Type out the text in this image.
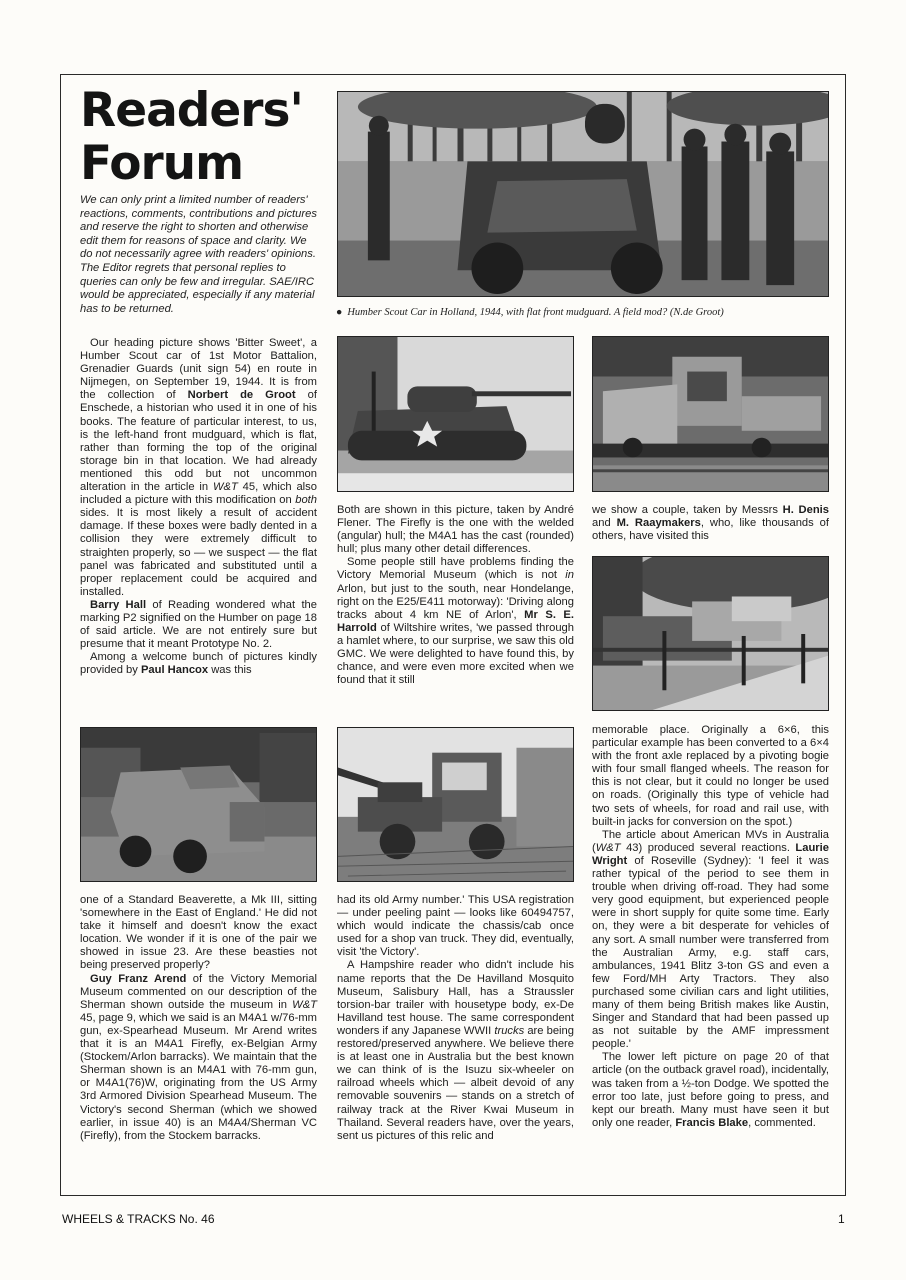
Readers' Forum

We can only print a limited number of readers' reactions, comments, contributions and pictures and reserve the right to shorten and otherwise edit them for reasons of space and clarity. We do not necessarily agree with readers' opinions. The Editor regrets that personal replies to queries can only be few and irregular. SAE/IRC would be appreciated, especially if any material has to be returned.	● Humber Scout Car in Holland, 1944, with flat front mudguard. A field mod? (N.de Groot)

Our heading picture shows 'Bitter Sweet', a Humber Scout car of 1st Motor Battalion, Grenadier Guards (unit sign 54) en route in Nijmegen, on September 19, 1944. It is from the collection of Norbert de Groot of Enschede, a historian who used it in one of his books. The feature of particular interest, to us, is the left-hand front mudguard, which is flat, rather than forming the top of the original storage bin in that location. We had already mentioned this odd but not uncommon alteration in the article in W&T 45, which also included a picture with this modification on both sides. It is most likely a result of accident damage. If these boxes were badly dented in a collision they were extremely difficult to straighten properly, so — we suspect — the flat panel was fabricated and substituted until a proper replacement could be acquired and installed.

Barry Hall of Reading wondered what the marking P2 signified on the Humber on page 18 of said article. We are not entirely sure but presume that it meant Prototype No. 2.

Among a welcome bunch of pictures kindly provided by Paul Hancox was this

one of a Standard Beaverette, a Mk III, sitting 'somewhere in the East of England.' He did not take it himself and doesn't know the exact location. We wonder if it is one of the pair we showed in issue 23. Are these beasties not being preserved properly?

Guy Franz Arend of the Victory Memorial Museum commented on our description of the Sherman shown outside the museum in W&T 45, page 9, which we said is an M4A1 w/76-mm gun, ex-Spearhead Museum. Mr Arend writes that it is an M4A1 Firefly, ex-Belgian Army (Stockem/Arlon barracks). We maintain that the Sherman shown is an M4A1 with 76-mm gun, or M4A1(76)W, originating from the US Army 3rd Armored Division Spearhead Museum. The Victory's second Sherman (which we showed earlier, in issue 40) is an M4A4/Sherman VC (Firefly), from the Stockem barracks.

Both are shown in this picture, taken by André Flener. The Firefly is the one with the welded (angular) hull; the M4A1 has the cast (rounded) hull; plus many other detail differences.

Some people still have problems finding the Victory Memorial Museum (which is not in Arlon, but just to the south, near Hondelange, right on the E25/E411 motorway): 'Driving along tracks about 4 km NE of Arlon', Mr S. E. Harrold of Wiltshire writes, 'we passed through a hamlet where, to our surprise, we saw this old GMC. We were delighted to have found this, by chance, and were even more excited when we found that it still

had its old Army number.' This USA registration — under peeling paint — looks like 60494757, which would indicate the chassis/cab once used for a shop van truck. They did, eventually, visit 'the Victory'.

A Hampshire reader who didn't include his name reports that the De Havilland Mosquito Museum, Salisbury Hall, has a Straussler torsion-bar trailer with housetype body, ex-De Havilland test house. The same correspondent wonders if any Japanese WWII trucks are being restored/preserved anywhere. We believe there is at least one in Australia but the best known we can think of is the Isuzu six-wheeler on railroad wheels which — albeit devoid of any removable souvenirs — stands on a stretch of railway track at the River Kwai Museum in Thailand. Several readers have, over the years, sent us pictures of this relic and

we show a couple, taken by Messrs H. Denis and M. Raaymakers, who, like thousands of others, have visited this

memorable place. Originally a 6×6, this particular example has been converted to a 6×4 with the front axle replaced by a pivoting bogie with four small flanged wheels. The reason for this is not clear, but it could no longer be used on roads. (Originally this type of vehicle had two sets of wheels, for road and rail use, with built-in jacks for conversion on the spot.)

The article about American MVs in Australia (W&T 43) produced several reactions. Laurie Wright of Roseville (Sydney): 'I feel it was rather typical of the period to see them in trouble when driving off-road. They had some very good equipment, but experienced people were in short supply for quite some time. Early on, they were a bit desperate for vehicles of any sort. A small number were transferred from the Australian Army, e.g. staff cars, ambulances, 1941 Blitz 3-ton GS and even a few Ford/MH Arty Tractors. They also purchased some civilian cars and light utilities, many of them being British makes like Austin, Singer and Standard that had been passed up as not suitable by the AMF impressment people.'

The lower left picture on page 20 of that article (on the outback gravel road), incidentally, was taken from a ½-ton Dodge. We spotted the error too late, just before going to press, and kept our breath. Many must have seen it but only one reader, Francis Blake, commented.

WHEELS & TRACKS No. 46	1
